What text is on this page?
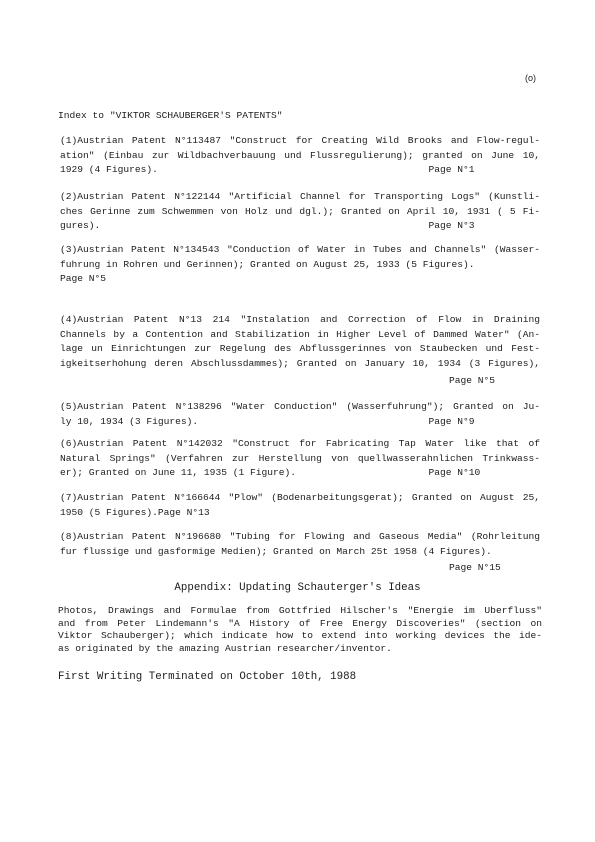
(o)
Index to "VIKTOR SCHAUBERGER'S PATENTS"
(1)Austrian Patent N°113487 "Construct for Creating Wild Brooks and Flow-regul-
ation" (Einbau zur Wildbachverbauung und Flussregulierung); granted on June 10,
1929 (4 Figures).                                               Page N°1
(2)Austrian Patent N°122144 "Artificial Channel for Transporting Logs" (Kunstli-
ches Gerinne zum Schwemmen von Holz und dgl.); Granted on April 10, 1931 ( 5 Fi-
gures).                                                         Page N°3
(3)Austrian Patent N°134543 "Conduction of Water in Tubes and Channels" (Wasser-
fuhrung in Rohren und Gerinnen); Granted on August 25, 1933 (5 Figures).
Page N°5
(4)Austrian Patent N°13 214 "Instalation and Correction of Flow in Draining
Channels by a Contention and Stabilization in Higher Level of Dammed Water" (An-
lage un Einrichtungen zur Regelung des Abflussgerinnes von Staubecken und Fest-
igkeitserhohung deren Abschlussdammes); Granted on January 10, 1934 (3 Figures),
Page N°5
(5)Austrian Patent N°138296 "Water Conduction" (Wasserfuhrung"); Granted on Ju-
ly 10, 1934 (3 Figures).                                        Page N°9
(6)Austrian Patent N°142032 "Construct for Fabricating Tap Water like that of
Natural Springs" (Verfahren zur Herstellung von quellwasserahnlichen Trinkwass-
er); Granted on June 11, 1935 (1 Figure).                       Page N°10
(7)Austrian Patent N°166644 "Plow" (Bodenarbeitungsgerat); Granted on August 25,
1950 (5 Figures).Page N°13
(8)Austrian Patent N°196680 "Tubing for Flowing and Gaseous Media" (Rohrleitung
fur flussige und gasformige Medien); Granted on March 25t 1958 (4 Figures).
Page N°15
Appendix: Updating Schauterger's Ideas
Photos, Drawings and Formulae from Gottfried Hilscher's "Energie im Uberfluss"
and from Peter Lindemann's "A History of Free Energy Discoveries" (section on
Viktor Schauberger); which indicate how to extend into working devices the ide-
as originated by the amazing Austrian researcher/inventor.
First Writing Terminated on October 10th, 1988
